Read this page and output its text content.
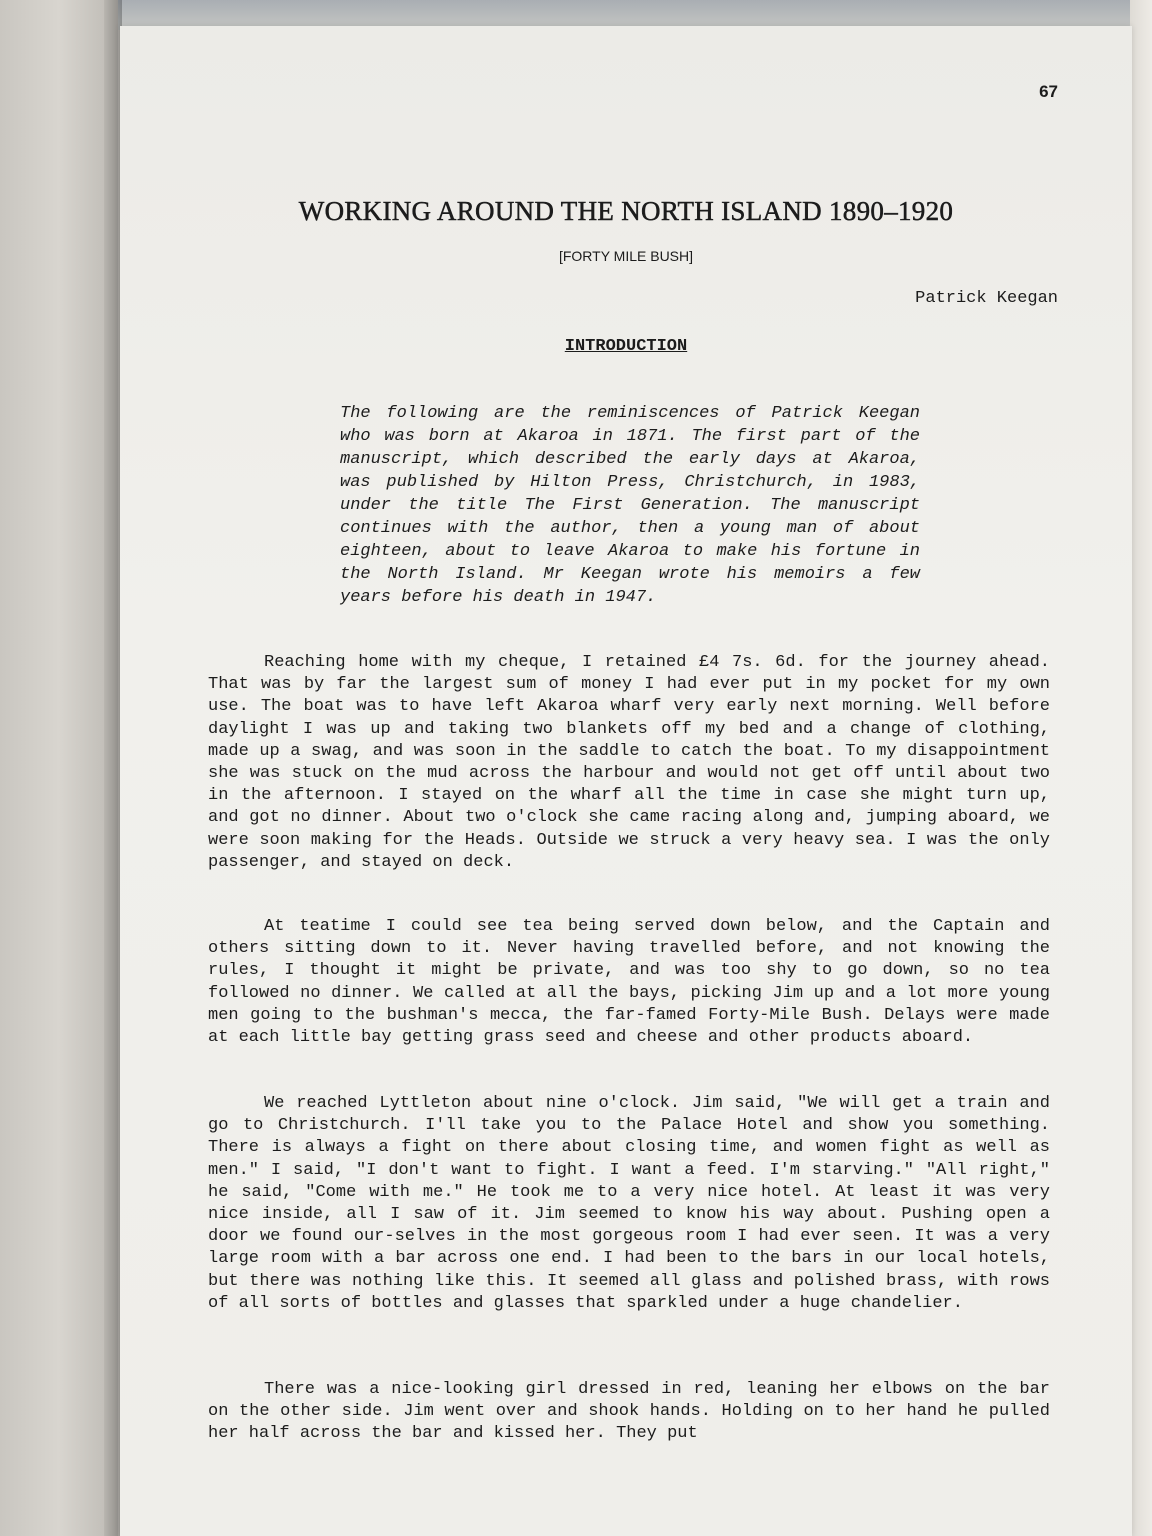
67
WORKING AROUND THE NORTH ISLAND 1890–1920
[FORTY MILE BUSH]
Patrick Keegan
INTRODUCTION
The following are the reminiscences of Patrick Keegan who was born at Akaroa in 1871. The first part of the manuscript, which described the early days at Akaroa, was published by Hilton Press, Christchurch, in 1983, under the title The First Generation. The manuscript continues with the author, then a young man of about eighteen, about to leave Akaroa to make his fortune in the North Island. Mr Keegan wrote his memoirs a few years before his death in 1947.

Reaching home with my cheque, I retained £4 7s. 6d. for the journey ahead. That was by far the largest sum of money I had ever put in my pocket for my own use. The boat was to have left Akaroa wharf very early next morning. Well before daylight I was up and taking two blankets off my bed and a change of clothing, made up a swag, and was soon in the saddle to catch the boat. To my disappointment she was stuck on the mud across the harbour and would not get off until about two in the afternoon. I stayed on the wharf all the time in case she might turn up, and got no dinner. About two o'clock she came racing along and, jumping aboard, we were soon making for the Heads. Outside we struck a very heavy sea. I was the only passenger, and stayed on deck.

At teatime I could see tea being served down below, and the Captain and others sitting down to it. Never having travelled before, and not knowing the rules, I thought it might be private, and was too shy to go down, so no tea followed no dinner. We called at all the bays, picking Jim up and a lot more young men going to the bushman's mecca, the far-famed Forty-Mile Bush. Delays were made at each little bay getting grass seed and cheese and other products aboard.

We reached Lyttleton about nine o'clock. Jim said, "We will get a train and go to Christchurch. I'll take you to the Palace Hotel and show you something. There is always a fight on there about closing time, and women fight as well as men." I said, "I don't want to fight. I want a feed. I'm starving." "All right," he said, "Come with me." He took me to a very nice hotel. At least it was very nice inside, all I saw of it. Jim seemed to know his way about. Pushing open a door we found our-selves in the most gorgeous room I had ever seen. It was a very large room with a bar across one end. I had been to the bars in our local hotels, but there was nothing like this. It seemed all glass and polished brass, with rows of all sorts of bottles and glasses that sparkled under a huge chandelier.

There was a nice-looking girl dressed in red, leaning her elbows on the bar on the other side. Jim went over and shook hands. Holding on to her hand he pulled her half across the bar and kissed her. They put
